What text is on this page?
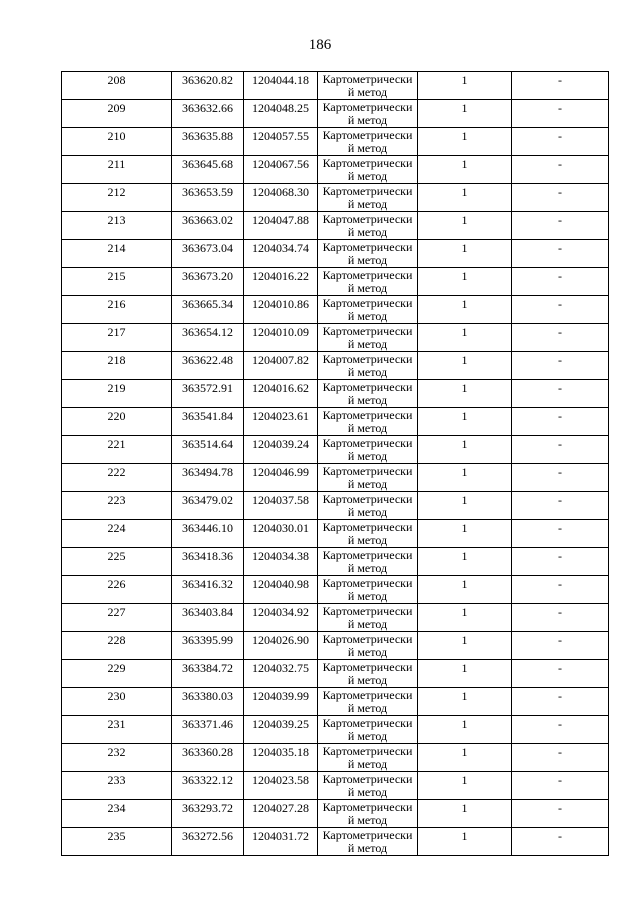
186
208	363620.82	1204044.18	Картометрически й метод	1	-

209	363632.66	1204048.25	Картометрически й метод	1	-

210	363635.88	1204057.55	Картометрически й метод	1	-

211	363645.68	1204067.56	Картометрически й метод	1	-

212	363653.59	1204068.30	Картометрически й метод	1	-

213	363663.02	1204047.88	Картометрически й метод	1	-

214	363673.04	1204034.74	Картометрически й метод	1	-

215	363673.20	1204016.22	Картометрически й метод	1	-

216	363665.34	1204010.86	Картометрически й метод	1	-

217	363654.12	1204010.09	Картометрически й метод	1	-

218	363622.48	1204007.82	Картометрически й метод	1	-

219	363572.91	1204016.62	Картометрически й метод	1	-

220	363541.84	1204023.61	Картометрически й метод	1	-

221	363514.64	1204039.24	Картометрически й метод	1	-

222	363494.78	1204046.99	Картометрически й метод	1	-

223	363479.02	1204037.58	Картометрически й метод	1	-

224	363446.10	1204030.01	Картометрически й метод	1	-

225	363418.36	1204034.38	Картометрически й метод	1	-

226	363416.32	1204040.98	Картометрически й метод	1	-

227	363403.84	1204034.92	Картометрически й метод	1	-

228	363395.99	1204026.90	Картометрически й метод	1	-

229	363384.72	1204032.75	Картометрически й метод	1	-

230	363380.03	1204039.99	Картометрически й метод	1	-

231	363371.46	1204039.25	Картометрически й метод	1	-

232	363360.28	1204035.18	Картометрически й метод	1	-

233	363322.12	1204023.58	Картометрически й метод	1	-

234	363293.72	1204027.28	Картометрически й метод	1	-

235	363272.56	1204031.72	Картометрически й метод	1	-
